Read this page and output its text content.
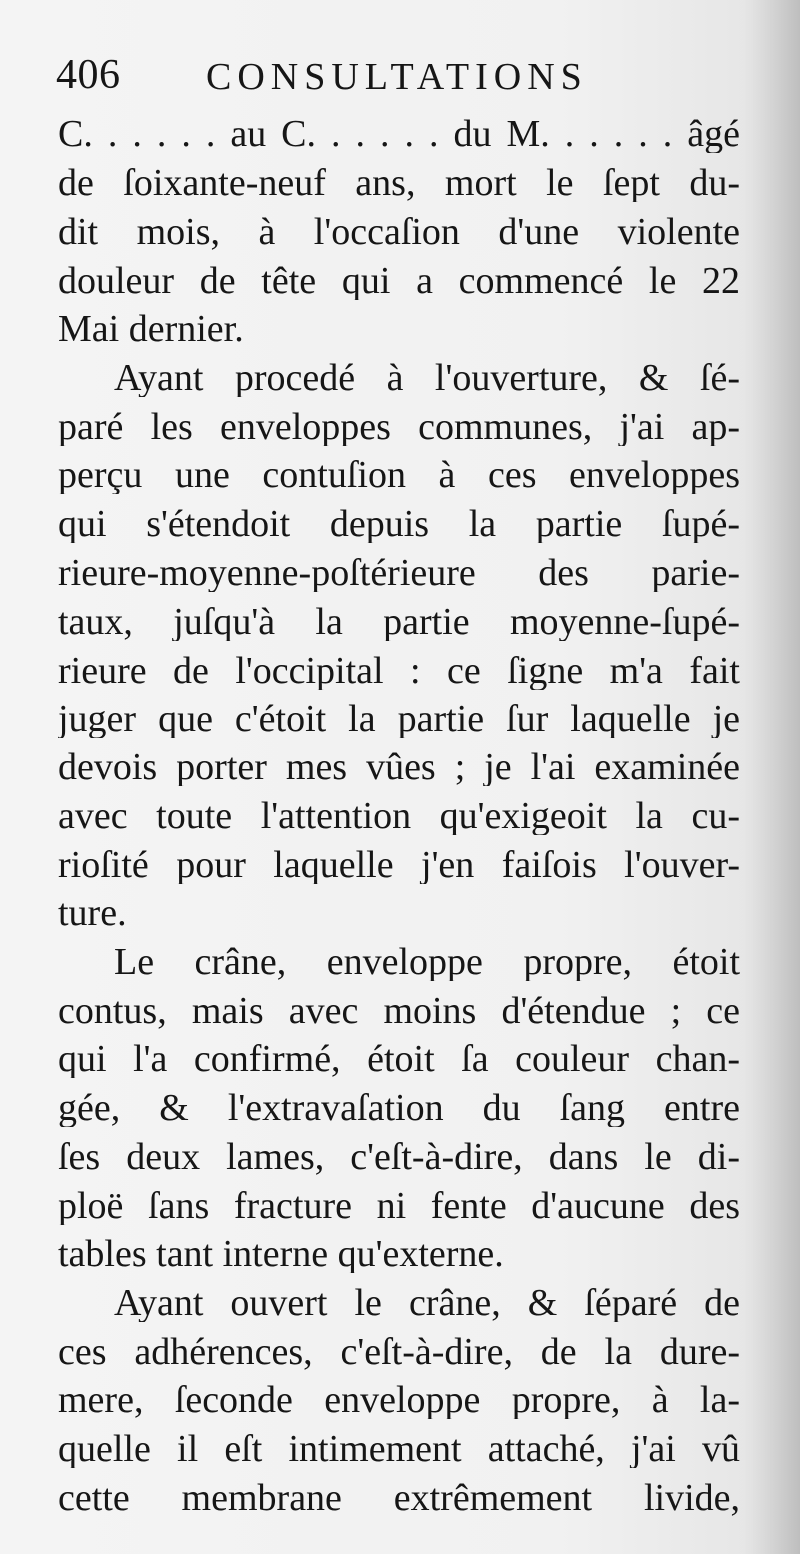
406 CONSULTATIONS
C. . . . . . au C. . . . . . du M. . . . . . âgé
de ſoixante-neuf ans, mort le ſept du-
dit mois, à l'occaſion d'une violente
douleur de tête qui a commencé le 22
Mai dernier.
Ayant procedé à l'ouverture, & ſé-
paré les enveloppes communes, j'ai ap-
perçu une contuſion à ces enveloppes
qui s'étendoit depuis la partie ſupé-
rieure-moyenne-poſtérieure des parie-
taux, juſqu'à la partie moyenne-ſupé-
rieure de l'occipital : ce ſigne m'a fait
juger que c'étoit la partie ſur laquelle je
devois porter mes vûes ; je l'ai examinée
avec toute l'attention qu'exigeoit la cu-
rioſité pour laquelle j'en faiſois l'ouver-
ture.
Le crâne, enveloppe propre, étoit
contus, mais avec moins d'étendue ; ce
qui l'a confirmé, étoit ſa couleur chan-
gée, & l'extravaſation du ſang entre
ſes deux lames, c'eſt-à-dire, dans le di-
ploë ſans fracture ni fente d'aucune des
tables tant interne qu'externe.
Ayant ouvert le crâne, & ſéparé de
ces adhérences, c'eſt-à-dire, de la dure-
mere, ſeconde enveloppe propre, à la-
quelle il eſt intimement attaché, j'ai vû
cette membrane extrêmement livide,
